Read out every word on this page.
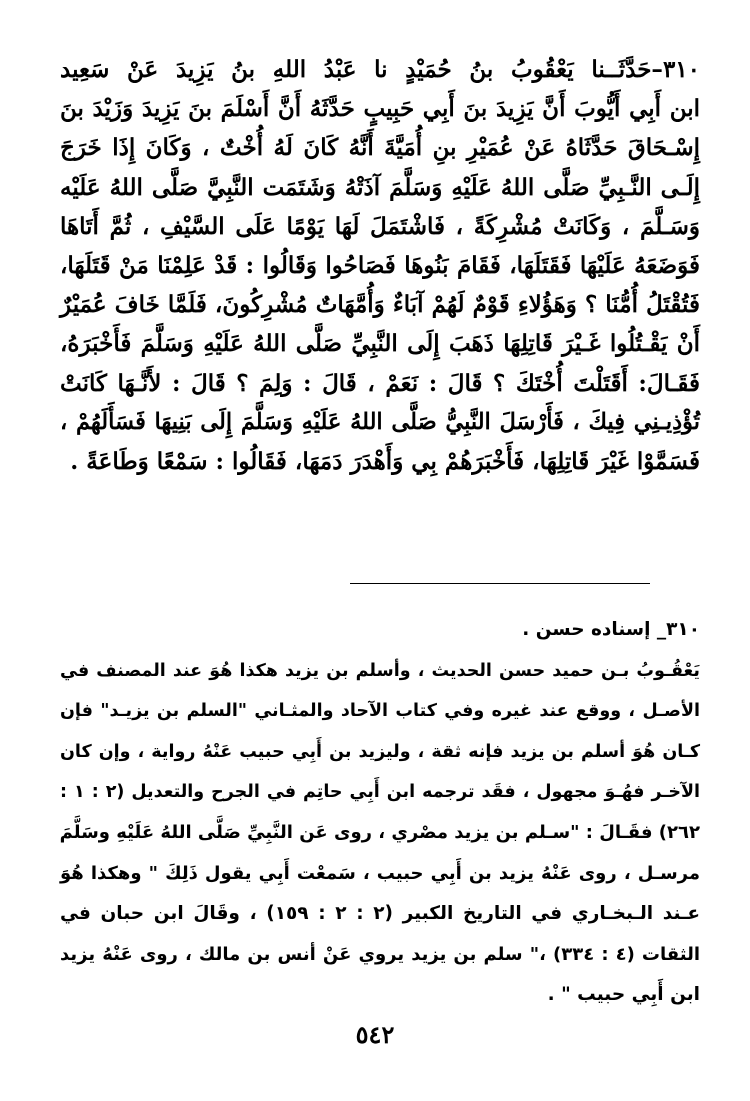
٣١٠–حَدَّثَــنا يَعْقُوبُ بنُ حُمَيْدٍ نا عَبْدُ اللهِ بنُ يَزِيدَ عَنْ سَعِيد
ابن أَبِي أَيُّوبَ أَنَّ يَزِيدَ بنَ أَبِي حَبِيبٍ حَدَّثَهُ أَنَّ أَسْلَمَ بنَ يَزِيدَ وَزَيْدَ بنَ
إِسْـحَاقَ حَدَّثَاهُ عَنْ عُمَيْرِ بنِ أُمَيَّةَ أَنَّهُ كَانَ لَهُ أُخْتٌ ، وَكَانَ إِذَا خَرَجَ
إِلَـى النَّـبِيِّ صَلَّى اللهُ عَلَيْهِ وَسَلَّمَ آذَتْهُ وَشَتَمَت النَّبِيَّ صَلَّى اللهُ عَلَيْه
وَسَـلَّمَ ، وَكَانَتْ مُشْرِكَةً ، فَاشْتَمَلَ لَهَا يَوْمًا عَلَى السَّيْفِ ، ثُمَّ أَتَاهَا
فَوَضَعَهُ عَلَيْهَا فَقَتَلَهَا، فَقَامَ بَنُوهَا فَصَاحُوا وَقَالُوا : قَدْ عَلِمْنَا مَنْ قَتَلَهَا،
فَتُقْتَلُ أُمُّنَا ؟ وَهَؤُلاءِ قَوْمٌ لَهُمْ آبَاءٌ وَأُمَّهَاتٌ مُشْرِكُونَ، فَلَمَّا خَافَ عُمَيْرٌ
أَنْ يَقْـتُلُوا غَـيْرَ قَاتِلِهَا ذَهَبَ إِلَى النَّبِيِّ صَلَّى اللهُ عَلَيْهِ وَسَلَّمَ فَأَخْبَرَهُ،
فَقَـالَ: أَقَتَلْتَ أُخْتَكَ ؟ قَالَ : نَعَمْ ، قَالَ : وَلِمَ ؟ قَالَ : لأَنَّـهَا كَانَتْ
تُؤْذِيـنِي فِيكَ ، فَأَرْسَلَ النَّبِيُّ صَلَّى اللهُ عَلَيْهِ وَسَلَّمَ إِلَى بَنِيهَا فَسَأَلَهُمْ ،
فَسَمَّوْا غَيْرَ قَاتِلِهَا، فَأَخْبَرَهُمْ بِي وَأَهْدَرَ دَمَهَا، فَقَالُوا : سَمْعًا وَطَاعَةً .
٣١٠_ إسناده حسن .
يَعْقُـوبُ بـن حميد حسن الحديث ، وأسلم بن يزيد هكذا هُوَ عند المصنف في
الأصـل ، ووقع عند غيره وفي كتاب الآحاد والمثـاني "السلم بن يزيـد" فإن
كـان هُوَ أسلم بن يزيد فإنه ثقة ، وليزيد بن أَبِي حبيب عَنْهُ رواية ، وإن كان
الآخـر فهُـوَ مجهول ، فقَد ترجمه ابن أَبِي حاتِم في الجرح والتعديل (٢ : ١ :
٢٦٢) فقَـالَ : "سـلم بن يزيد مصْري ، روى عَن النَّبِيِّ صَلَّى اللهُ عَلَيْهِ وسَلَّمَ
مرسـل ، روى عَنْهُ يزيد بن أَبِي حبيب ، سَمعْت أَبِي يقول ذَلِكَ " وهكذا هُوَ
عـند الـبخـاري في التاريخ الكبير (٢ : ٢ : ١٥٩) ، وقَالَ ابن حبان في
الثقات (٤ : ٣٣٤) ،" سلم بن يزيد يروي عَنْ أنس بن مالك ، روى عَنْهُ يزيد
ابن أَبِي حبيب " .
٥٤٢
